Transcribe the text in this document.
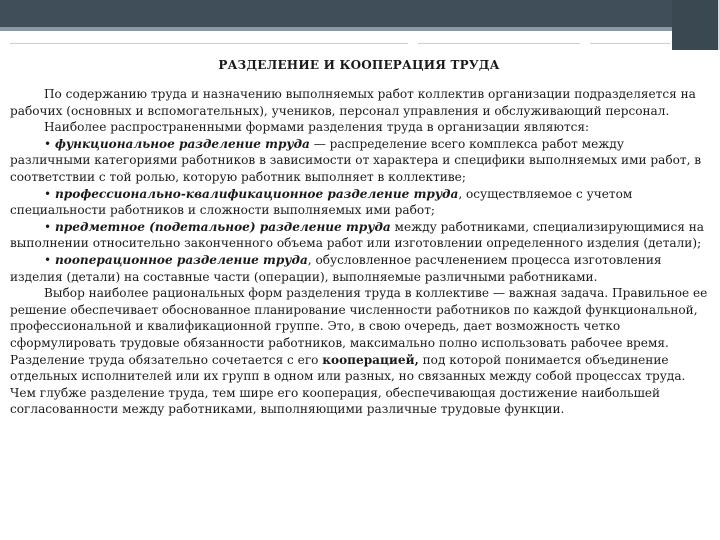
РАЗДЕЛЕНИЕ И КООПЕРАЦИЯ ТРУДА

По содержанию труда и назначению выполняемых работ коллектив организации подразделяется на рабочих (основных и вспомогательных), учеников, персонал управления и обслуживающий персонал.

Наиболее распространенными формами разделения труда в организации являются:

• функциональное разделение труда — распределение всего комплекса работ между различными категориями работников в зависимости от характера и специфики выполняемых ими работ, в соответствии с той ролью, которую работник выполняет в коллективе;

• профессионально-квалификационное разделение труда, осуществляемое с учетом специальности работников и сложности выполняемых ими работ;

• предметное (подетальное) разделение труда между работниками, специализирующимися на выполнении относительно законченного объема работ или изготовлении определенного изделия (детали);

• пооперационное разделение труда, обусловленное расчленением процесса изготовления изделия (детали) на составные части (операции), выполняемые различными работниками.

Выбор наиболее рациональных форм разделения труда в коллективе — важная задача. Правильное ее решение обеспечивает обоснованное планирование численности работников по каждой функциональной, профессиональной и квалификационной группе. Это, в свою очередь, дает возможность четко сформулировать трудовые обязанности работников, максимально полно использовать рабочее время. Разделение труда обязательно сочетается с его кооперацией, под которой понимается объединение отдельных исполнителей или их групп в одном или разных, но связанных между собой процессах труда. Чем глубже разделение труда, тем шире его кооперация, обеспечивающая достижение наибольшей согласованности между работниками, выполняющими различные трудовые функции.
